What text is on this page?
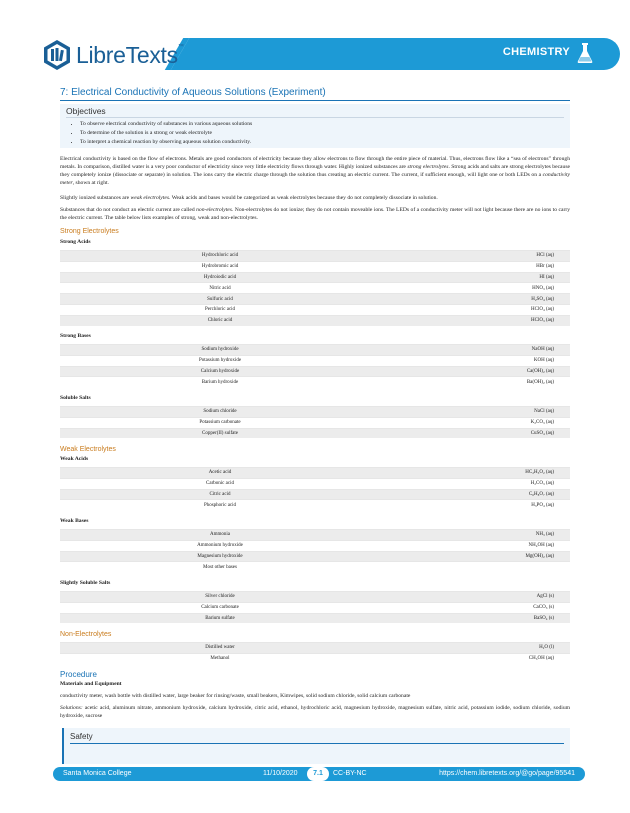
LibreTexts ™	CHEMISTRY
7: Electrical Conductivity of Aqueous Solutions (Experiment)
Objectives
• To observe electrical conductivity of substances in various aqueous solutions
• To determine of the solution is a strong or weak electrolyte
• To interpret a chemical reaction by observing aqueous solution conductivity.

Electrical conductivity is based on the flow of electrons. Metals are good conductors of electricity because they allow electrons to flow through the entire piece of material. Thus, electrons flow like a “sea of electrons” through metals. In comparison, distilled water is a very poor conductor of electricity since very little electricity flows through water. Highly ionized substances are strong electrolytes. Strong acids and salts are strong electrolytes because they completely ionize (dissociate or separate) in solution. The ions carry the electric charge through the solution thus creating an electric current. The current, if sufficient enough, will light one or both LEDs on a conductivity meter, shown at right.

Slightly ionized substances are weak electrolytes. Weak acids and bases would be categorized as weak electrolytes because they do not completely dissociate in solution.

Substances that do not conduct an electric current are called non-electrolytes. Non-electrolytes do not ionize; they do not contain moveable ions. The LEDs of a conductivity meter will not light because there are no ions to carry the electric current. The table below lists examples of strong, weak and non-electrolytes.

Strong Electrolytes
Strong Acids
Hydrochloric acid	HCl (aq)
Hydrobromic acid	HBr (aq)
Hydroiodic acid	HI (aq)
Nitric acid	HNO₃ (aq)
Sulfuric acid	H₂SO₄ (aq)
Perchloric acid	HClO₄ (aq)
Chloric acid	HClO₃ (aq)
Strong Bases
Sodium hydroxide	NaOH (aq)
Potassium hydroxide	KOH (aq)
Calcium hydroxide	Ca(OH)₂ (aq)
Barium hydroxide	Ba(OH)₂ (aq)
Soluble Salts
Sodium chloride	NaCl (aq)
Potassium carbonate	K₂CO₃ (aq)
Copper(II) sulfate	CuSO₄ (aq)
Weak Electrolytes
Weak Acids
Acetic acid	HC₂H₃O₂ (aq)
Carbonic acid	H₂CO₃ (aq)
Citric acid	C₆H₈O₇ (aq)
Phosphoric acid	H₃PO₄ (aq)
Weak Bases
Ammonia	NH₃ (aq)
Ammonium hydroxide	NH₄OH (aq)
Magnesium hydroxide	Mg(OH)₂ (aq)
Most other bases
Slightly Soluble Salts
Silver chloride	AgCl (s)
Calcium carbonate	CaCO₃ (s)
Barium sulfate	BaSO₄ (s)
Non-Electrolytes
Distilled water	H₂O (l)
Methanol	CH₃OH (aq)
Procedure
Materials and Equipment

conductivity meter, wash bottle with distilled water, large beaker for rinsing/waste, small beakers, Kimwipes, solid sodium chloride, solid calcium carbonate

Solutions: acetic acid, aluminum nitrate, ammonium hydroxide, calcium hydroxide, citric acid, ethanol, hydrochloric acid, magnesium hydroxide, magnesium sulfate, nitric acid, potassium iodide, sodium chloride, sodium hydroxide, sucrose

Safety
Santa Monica College	11/10/2020	7.1	CC-BY-NC	https://chem.libretexts.org/@go/page/95541
